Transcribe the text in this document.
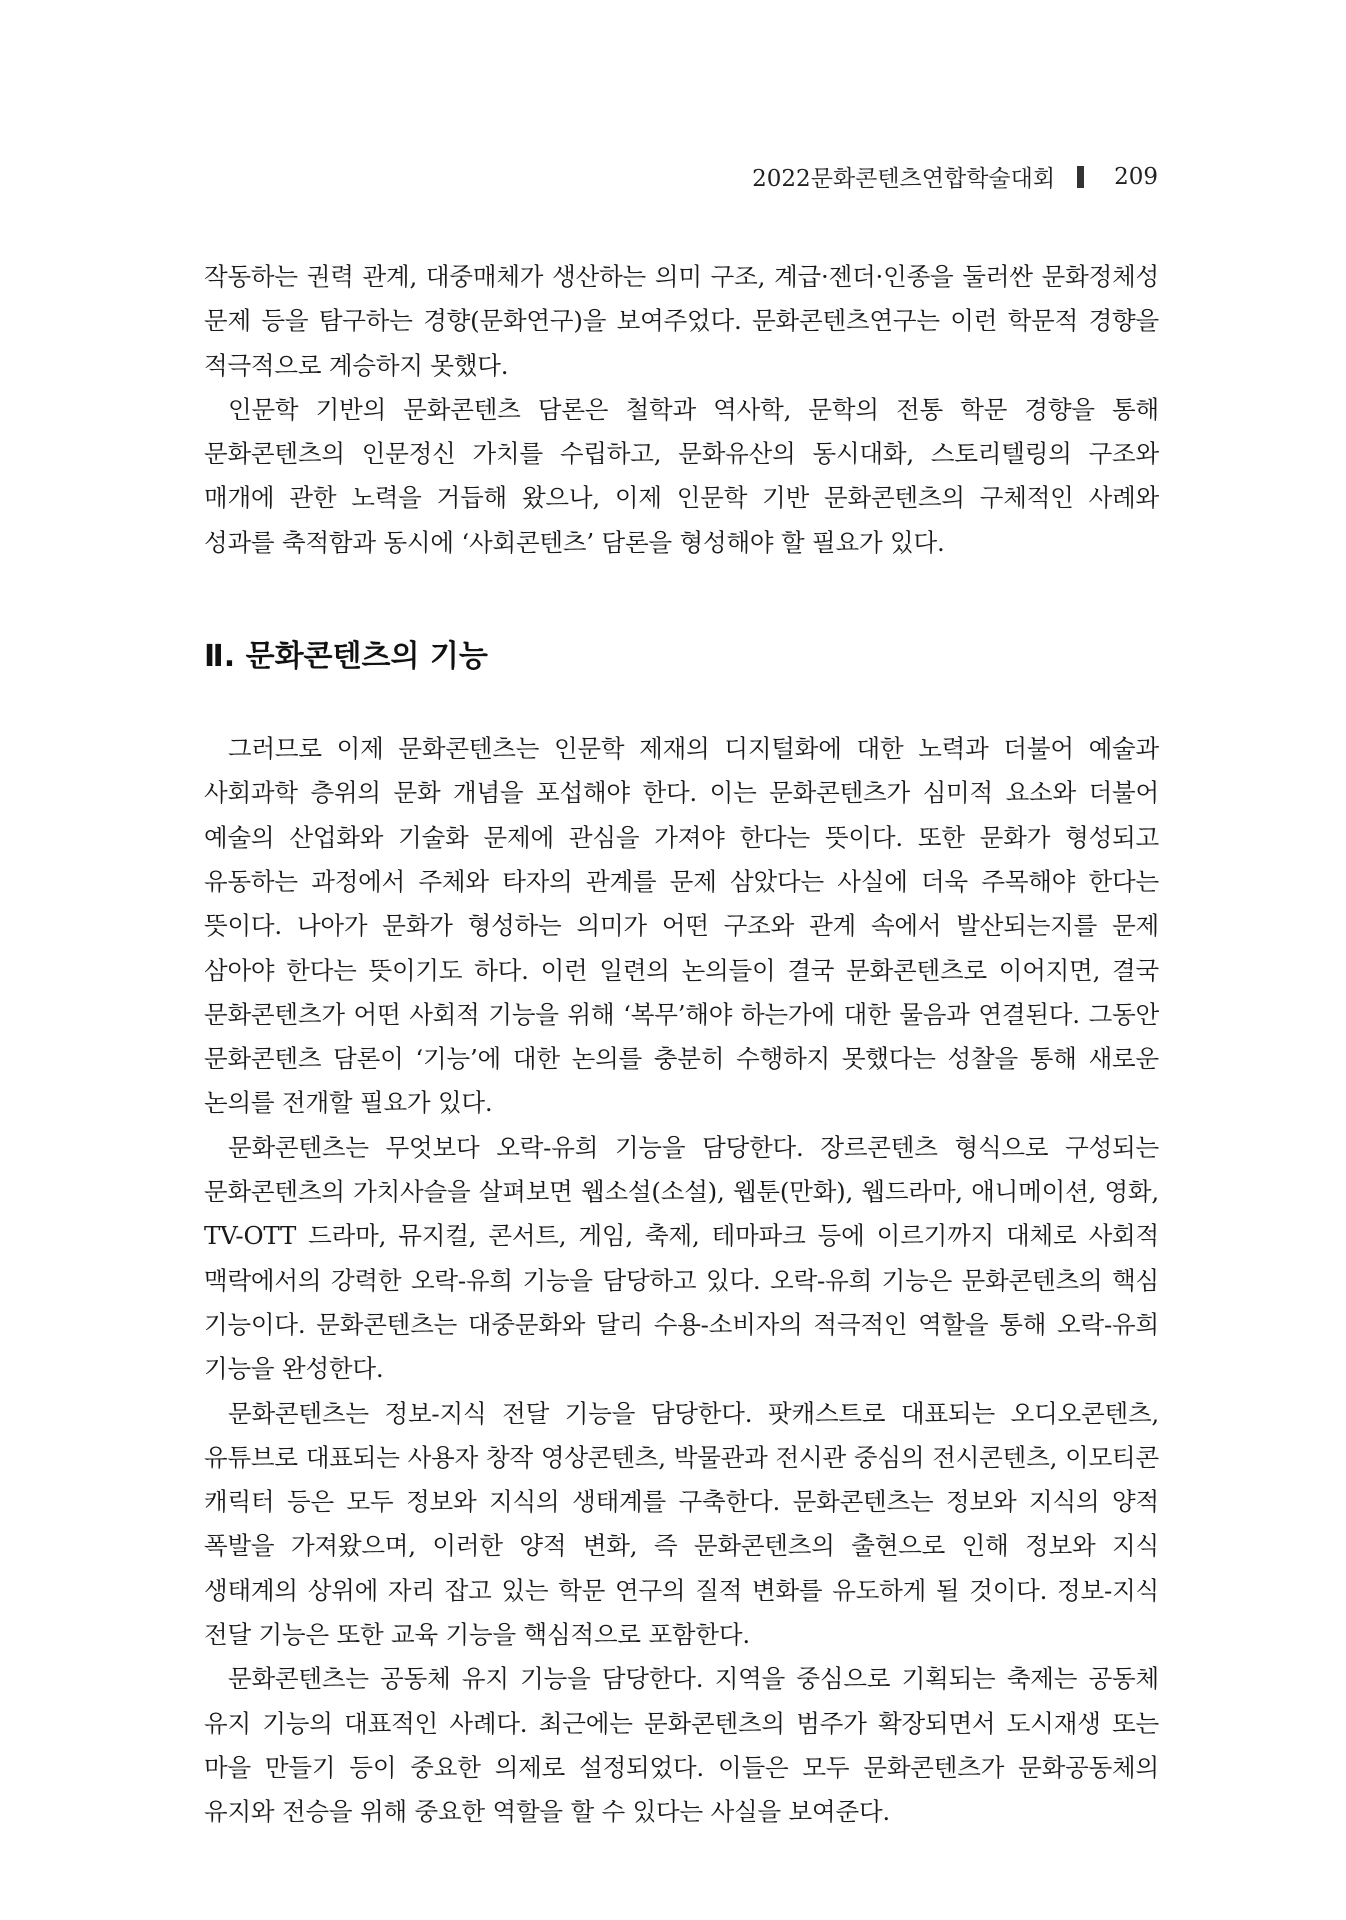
2022문화콘텐츠연합학술대회	209

작동하는 권력 관계, 대중매체가 생산하는 의미 구조, 계급·젠더·인종을 둘러싼 문화정체성 문제 등을 탐구하는 경향(문화연구)을 보여주었다. 문화콘텐츠연구는 이런 학문적 경향을 적극적으로 계승하지 못했다.

인문학 기반의 문화콘텐츠 담론은 철학과 역사학, 문학의 전통 학문 경향을 통해 문화콘텐츠의 인문정신 가치를 수립하고, 문화유산의 동시대화, 스토리텔링의 구조와 매개에 관한 노력을 거듭해 왔으나, 이제 인문학 기반 문화콘텐츠의 구체적인 사례와 성과를 축적함과 동시에 ‘사회콘텐츠’ 담론을 형성해야 할 필요가 있다.

Ⅱ. 문화콘텐츠의 기능

그러므로 이제 문화콘텐츠는 인문학 제재의 디지털화에 대한 노력과 더불어 예술과 사회과학 층위의 문화 개념을 포섭해야 한다. 이는 문화콘텐츠가 심미적 요소와 더불어 예술의 산업화와 기술화 문제에 관심을 가져야 한다는 뜻이다. 또한 문화가 형성되고 유동하는 과정에서 주체와 타자의 관계를 문제 삼았다는 사실에 더욱 주목해야 한다는 뜻이다. 나아가 문화가 형성하는 의미가 어떤 구조와 관계 속에서 발산되는지를 문제 삼아야 한다는 뜻이기도 하다. 이런 일련의 논의들이 결국 문화콘텐츠로 이어지면, 결국 문화콘텐츠가 어떤 사회적 기능을 위해 ‘복무’해야 하는가에 대한 물음과 연결된다. 그동안 문화콘텐츠 담론이 ‘기능’에 대한 논의를 충분히 수행하지 못했다는 성찰을 통해 새로운 논의를 전개할 필요가 있다.

문화콘텐츠는 무엇보다 오락-유희 기능을 담당한다. 장르콘텐츠 형식으로 구성되는 문화콘텐츠의 가치사슬을 살펴보면 웹소설(소설), 웹툰(만화), 웹드라마, 애니메이션, 영화, TV-OTT 드라마, 뮤지컬, 콘서트, 게임, 축제, 테마파크 등에 이르기까지 대체로 사회적 맥락에서의 강력한 오락-유희 기능을 담당하고 있다. 오락-유희 기능은 문화콘텐츠의 핵심 기능이다. 문화콘텐츠는 대중문화와 달리 수용-소비자의 적극적인 역할을 통해 오락-유희 기능을 완성한다.

문화콘텐츠는 정보-지식 전달 기능을 담당한다. 팟캐스트로 대표되는 오디오콘텐츠, 유튜브로 대표되는 사용자 창작 영상콘텐츠, 박물관과 전시관 중심의 전시콘텐츠, 이모티콘 캐릭터 등은 모두 정보와 지식의 생태계를 구축한다. 문화콘텐츠는 정보와 지식의 양적 폭발을 가져왔으며, 이러한 양적 변화, 즉 문화콘텐츠의 출현으로 인해 정보와 지식 생태계의 상위에 자리 잡고 있는 학문 연구의 질적 변화를 유도하게 될 것이다. 정보-지식 전달 기능은 또한 교육 기능을 핵심적으로 포함한다.

문화콘텐츠는 공동체 유지 기능을 담당한다. 지역을 중심으로 기획되는 축제는 공동체 유지 기능의 대표적인 사례다. 최근에는 문화콘텐츠의 범주가 확장되면서 도시재생 또는 마을 만들기 등이 중요한 의제로 설정되었다. 이들은 모두 문화콘텐츠가 문화공동체의 유지와 전승을 위해 중요한 역할을 할 수 있다는 사실을 보여준다.
